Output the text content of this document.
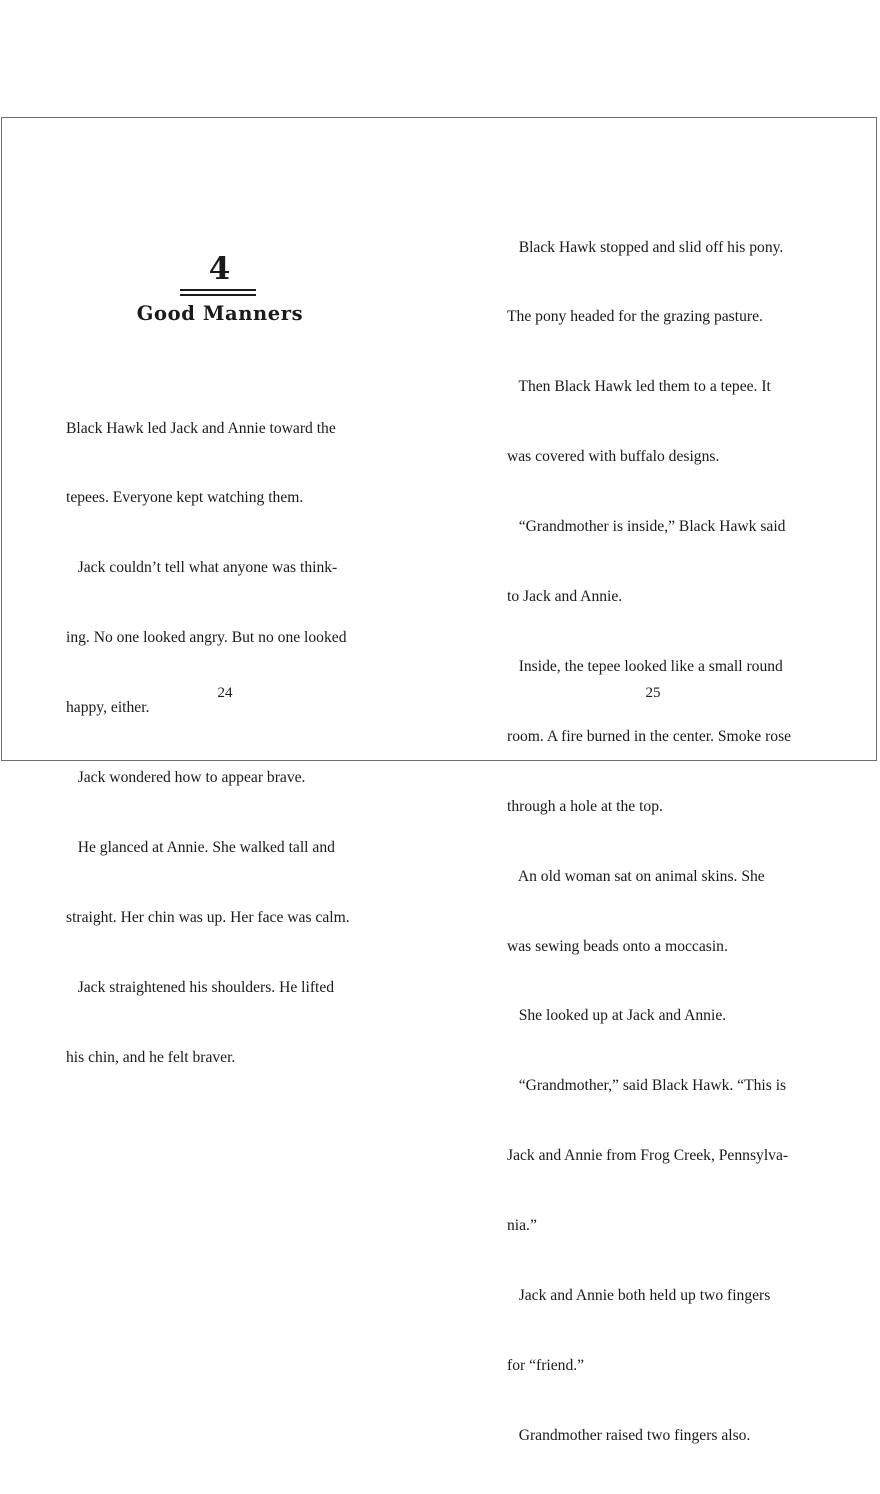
4
Good Manners

Black Hawk led Jack and Annie toward the

tepees. Everyone kept watching them.

Jack couldn’t tell what anyone was think-

ing. No one looked angry. But no one looked

happy, either.

Jack wondered how to appear brave.

He glanced at Annie. She walked tall and

straight. Her chin was up. Her face was calm.

Jack straightened his shoulders. He lifted

his chin, and he felt braver.

24

Black Hawk stopped and slid off his pony.

The pony headed for the grazing pasture.

Then Black Hawk led them to a tepee. It

was covered with buffalo designs.

“Grandmother is inside,” Black Hawk said

to Jack and Annie.

Inside, the tepee looked like a small round

room. A fire burned in the center. Smoke rose

through a hole at the top.

An old woman sat on animal skins. She

was sewing beads onto a moccasin.

She looked up at Jack and Annie.

“Grandmother,” said Black Hawk. “This is

Jack and Annie from Frog Creek, Pennsylva-

nia.”

Jack and Annie both held up two fingers

for “friend.”

Grandmother raised two fingers also.

25
